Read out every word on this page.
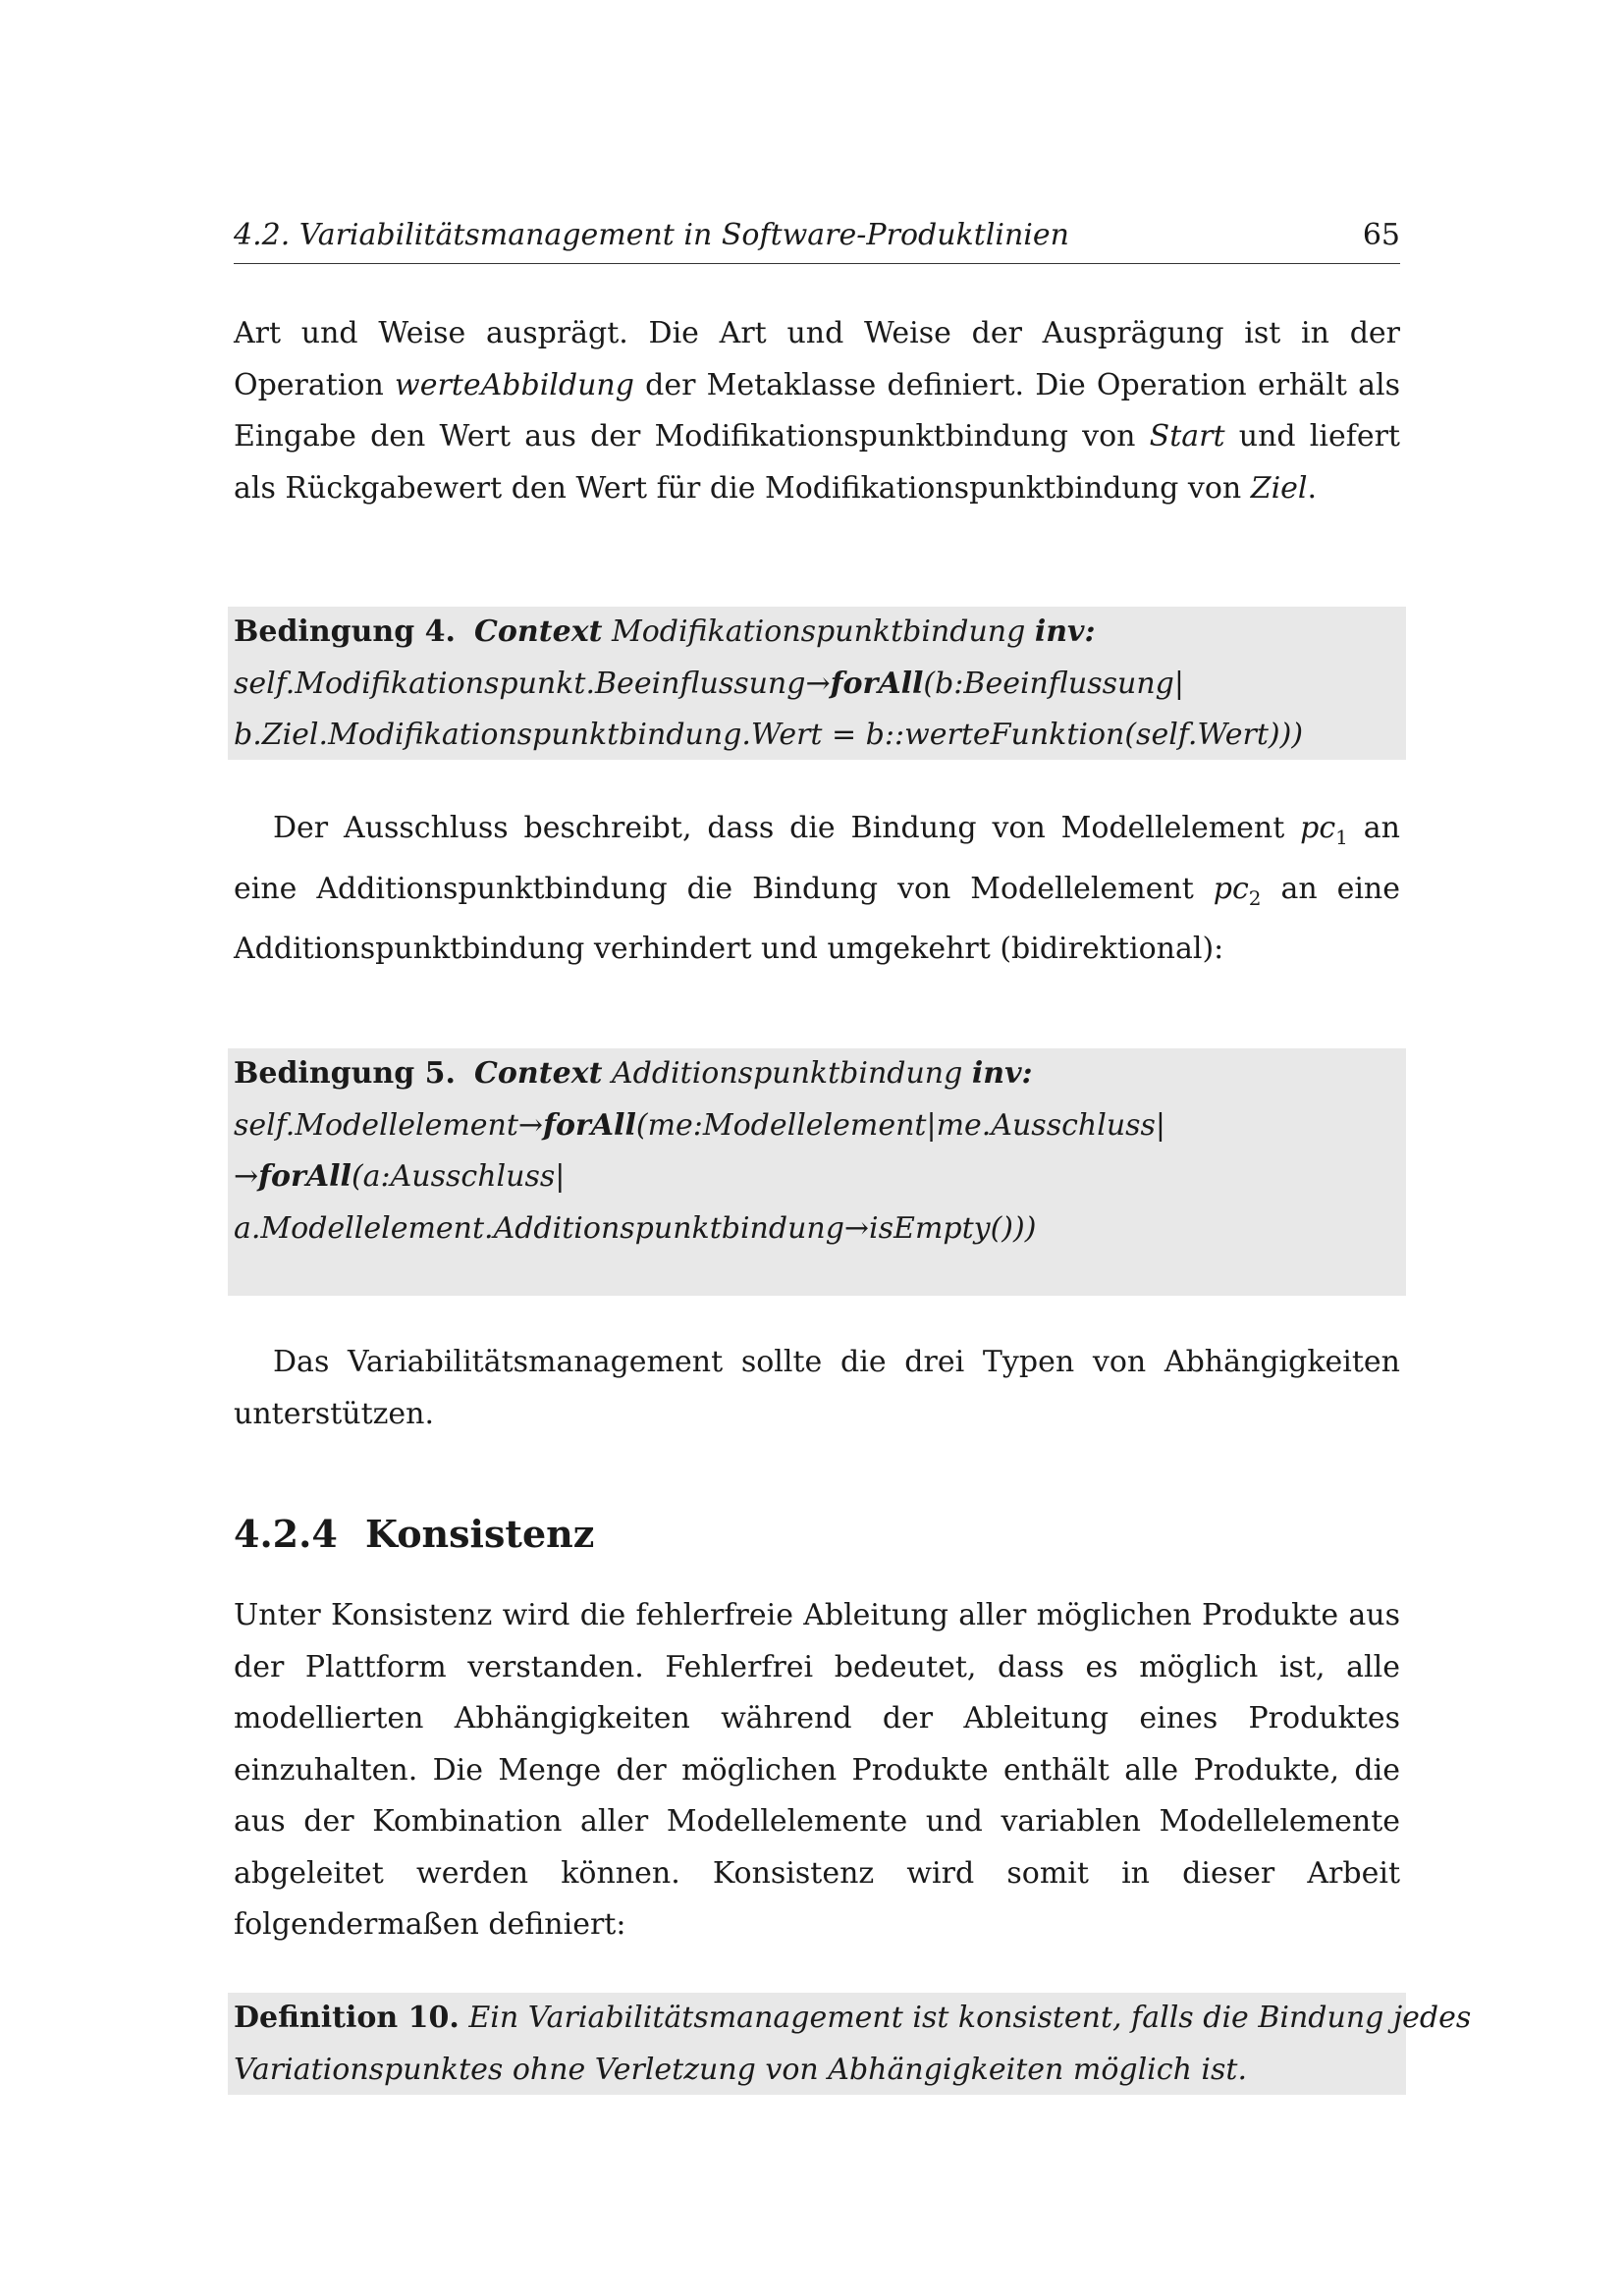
4.2. Variabilitätsmanagement in Software-Produktlinien	65

Art und Weise ausprägt. Die Art und Weise der Ausprägung ist in der Operation werteAbbildung der Metaklasse definiert. Die Operation erhält als Eingabe den Wert aus der Modifikationspunktbindung von Start und liefert als Rückgabewert den Wert für die Modifikationspunktbindung von Ziel.

Bedingung 4. Context Modifikationspunktbindung inv:
self.Modifikationspunkt.Beeinflussung→forAll(b:Beeinflussung|
b.Ziel.Modifikationspunktbindung.Wert = b::werteFunktion(self.Wert)))

Der Ausschluss beschreibt, dass die Bindung von Modellelement $pc_1$ an eine Additionspunktbindung die Bindung von Modellelement $pc_2$ an eine Additionspunktbindung verhindert und umgekehrt (bidirektional):

Bedingung 5. Context Additionspunktbindung inv:
self.Modellelement→forAll(me:Modellelement|me.Ausschluss|
→forAll(a:Ausschluss|
a.Modellelement.Additionspunktbindung→isEmpty()))

Das Variabilitätsmanagement sollte die drei Typen von Abhängigkeiten unterstützen.

4.2.4 Konsistenz

Unter Konsistenz wird die fehlerfreie Ableitung aller möglichen Produkte aus der Plattform verstanden. Fehlerfrei bedeutet, dass es möglich ist, alle modellierten Abhängigkeiten während der Ableitung eines Produktes einzuhalten. Die Menge der möglichen Produkte enthält alle Produkte, die aus der Kombination aller Modellelemente und variablen Modellelemente abgeleitet werden können. Konsistenz wird somit in dieser Arbeit folgendermaßen definiert:

Definition 10. Ein Variabilitätsmanagement ist konsistent, falls die Bindung jedes
Variationspunktes ohne Verletzung von Abhängigkeiten möglich ist.
